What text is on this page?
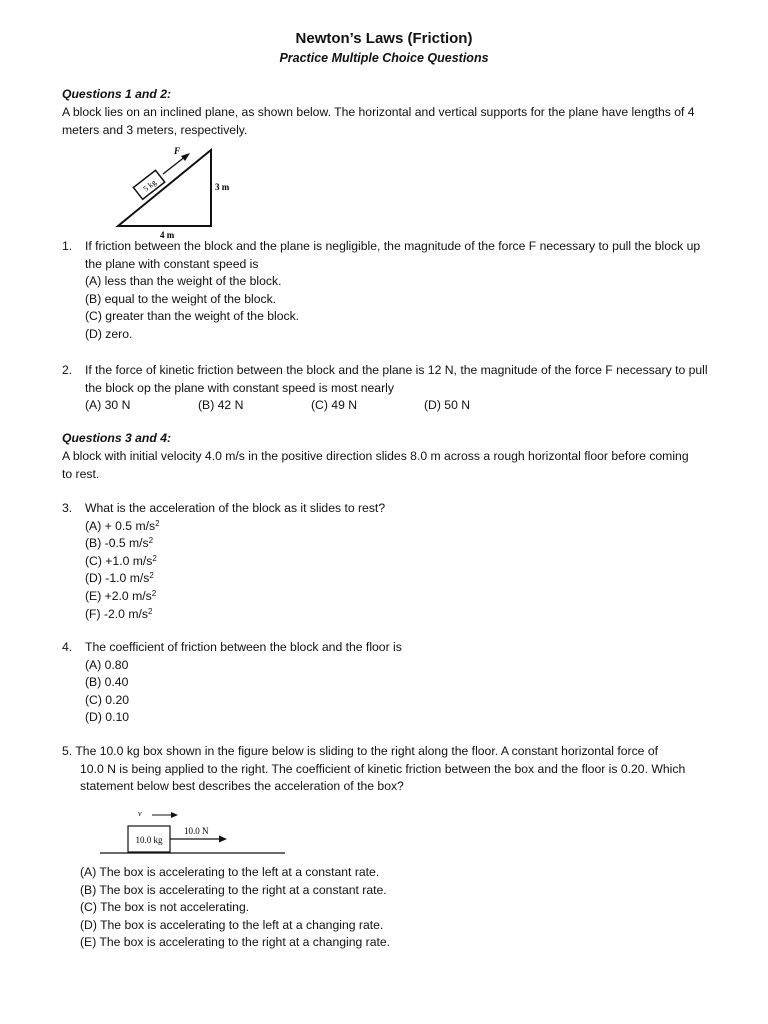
Newton’s Laws (Friction)
Practice Multiple Choice Questions
Questions 1 and 2:
A block lies on an inclined plane, as shown below. The horizontal and vertical supports for the plane have lengths of 4 meters and 3 meters, respectively.
5 kg
F
3 m
4 m
1. If friction between the block and the plane is negligible, the magnitude of the force F necessary to pull the block up the plane with constant speed is
(A) less than the weight of the block.
(B) equal to the weight of the block.
(C) greater than the weight of the block.
(D) zero.
2. If the force of kinetic friction between the block and the plane is 12 N, the magnitude of the force F necessary to pull the block op the plane with constant speed is most nearly
(A) 30 N	(B) 42 N	(C) 49 N	(D) 50 N
Questions 3 and 4:
A block with initial velocity 4.0 m/s in the positive direction slides 8.0 m across a rough horizontal floor before coming to rest.
3. What is the acceleration of the block as it slides to rest?
(A) + 0.5 $m/s^2$
(B) -0.5 $m/s^2$
(C) +1.0 $m/s^2$
(D) -1.0 $m/s^2$
(E) +2.0 $m/s^2$
(F) -2.0 $m/s^2$
4. The coefficient of friction between the block and the floor is
(A) 0.80
(B) 0.40
(C) 0.20
(D) 0.10
5. The 10.0 kg box shown in the figure below is sliding to the right along the floor. A constant horizontal force of
10.0 N is being applied to the right. The coefficient of kinetic friction between the box and the floor is 0.20. Which statement below best describes the acceleration of the box?
v
10.0 kg
10.0 N
(A) The box is accelerating to the left at a constant rate.
(B) The box is accelerating to the right at a constant rate.
(C) The box is not accelerating.
(D) The box is accelerating to the left at a changing rate.
(E) The box is accelerating to the right at a changing rate.
